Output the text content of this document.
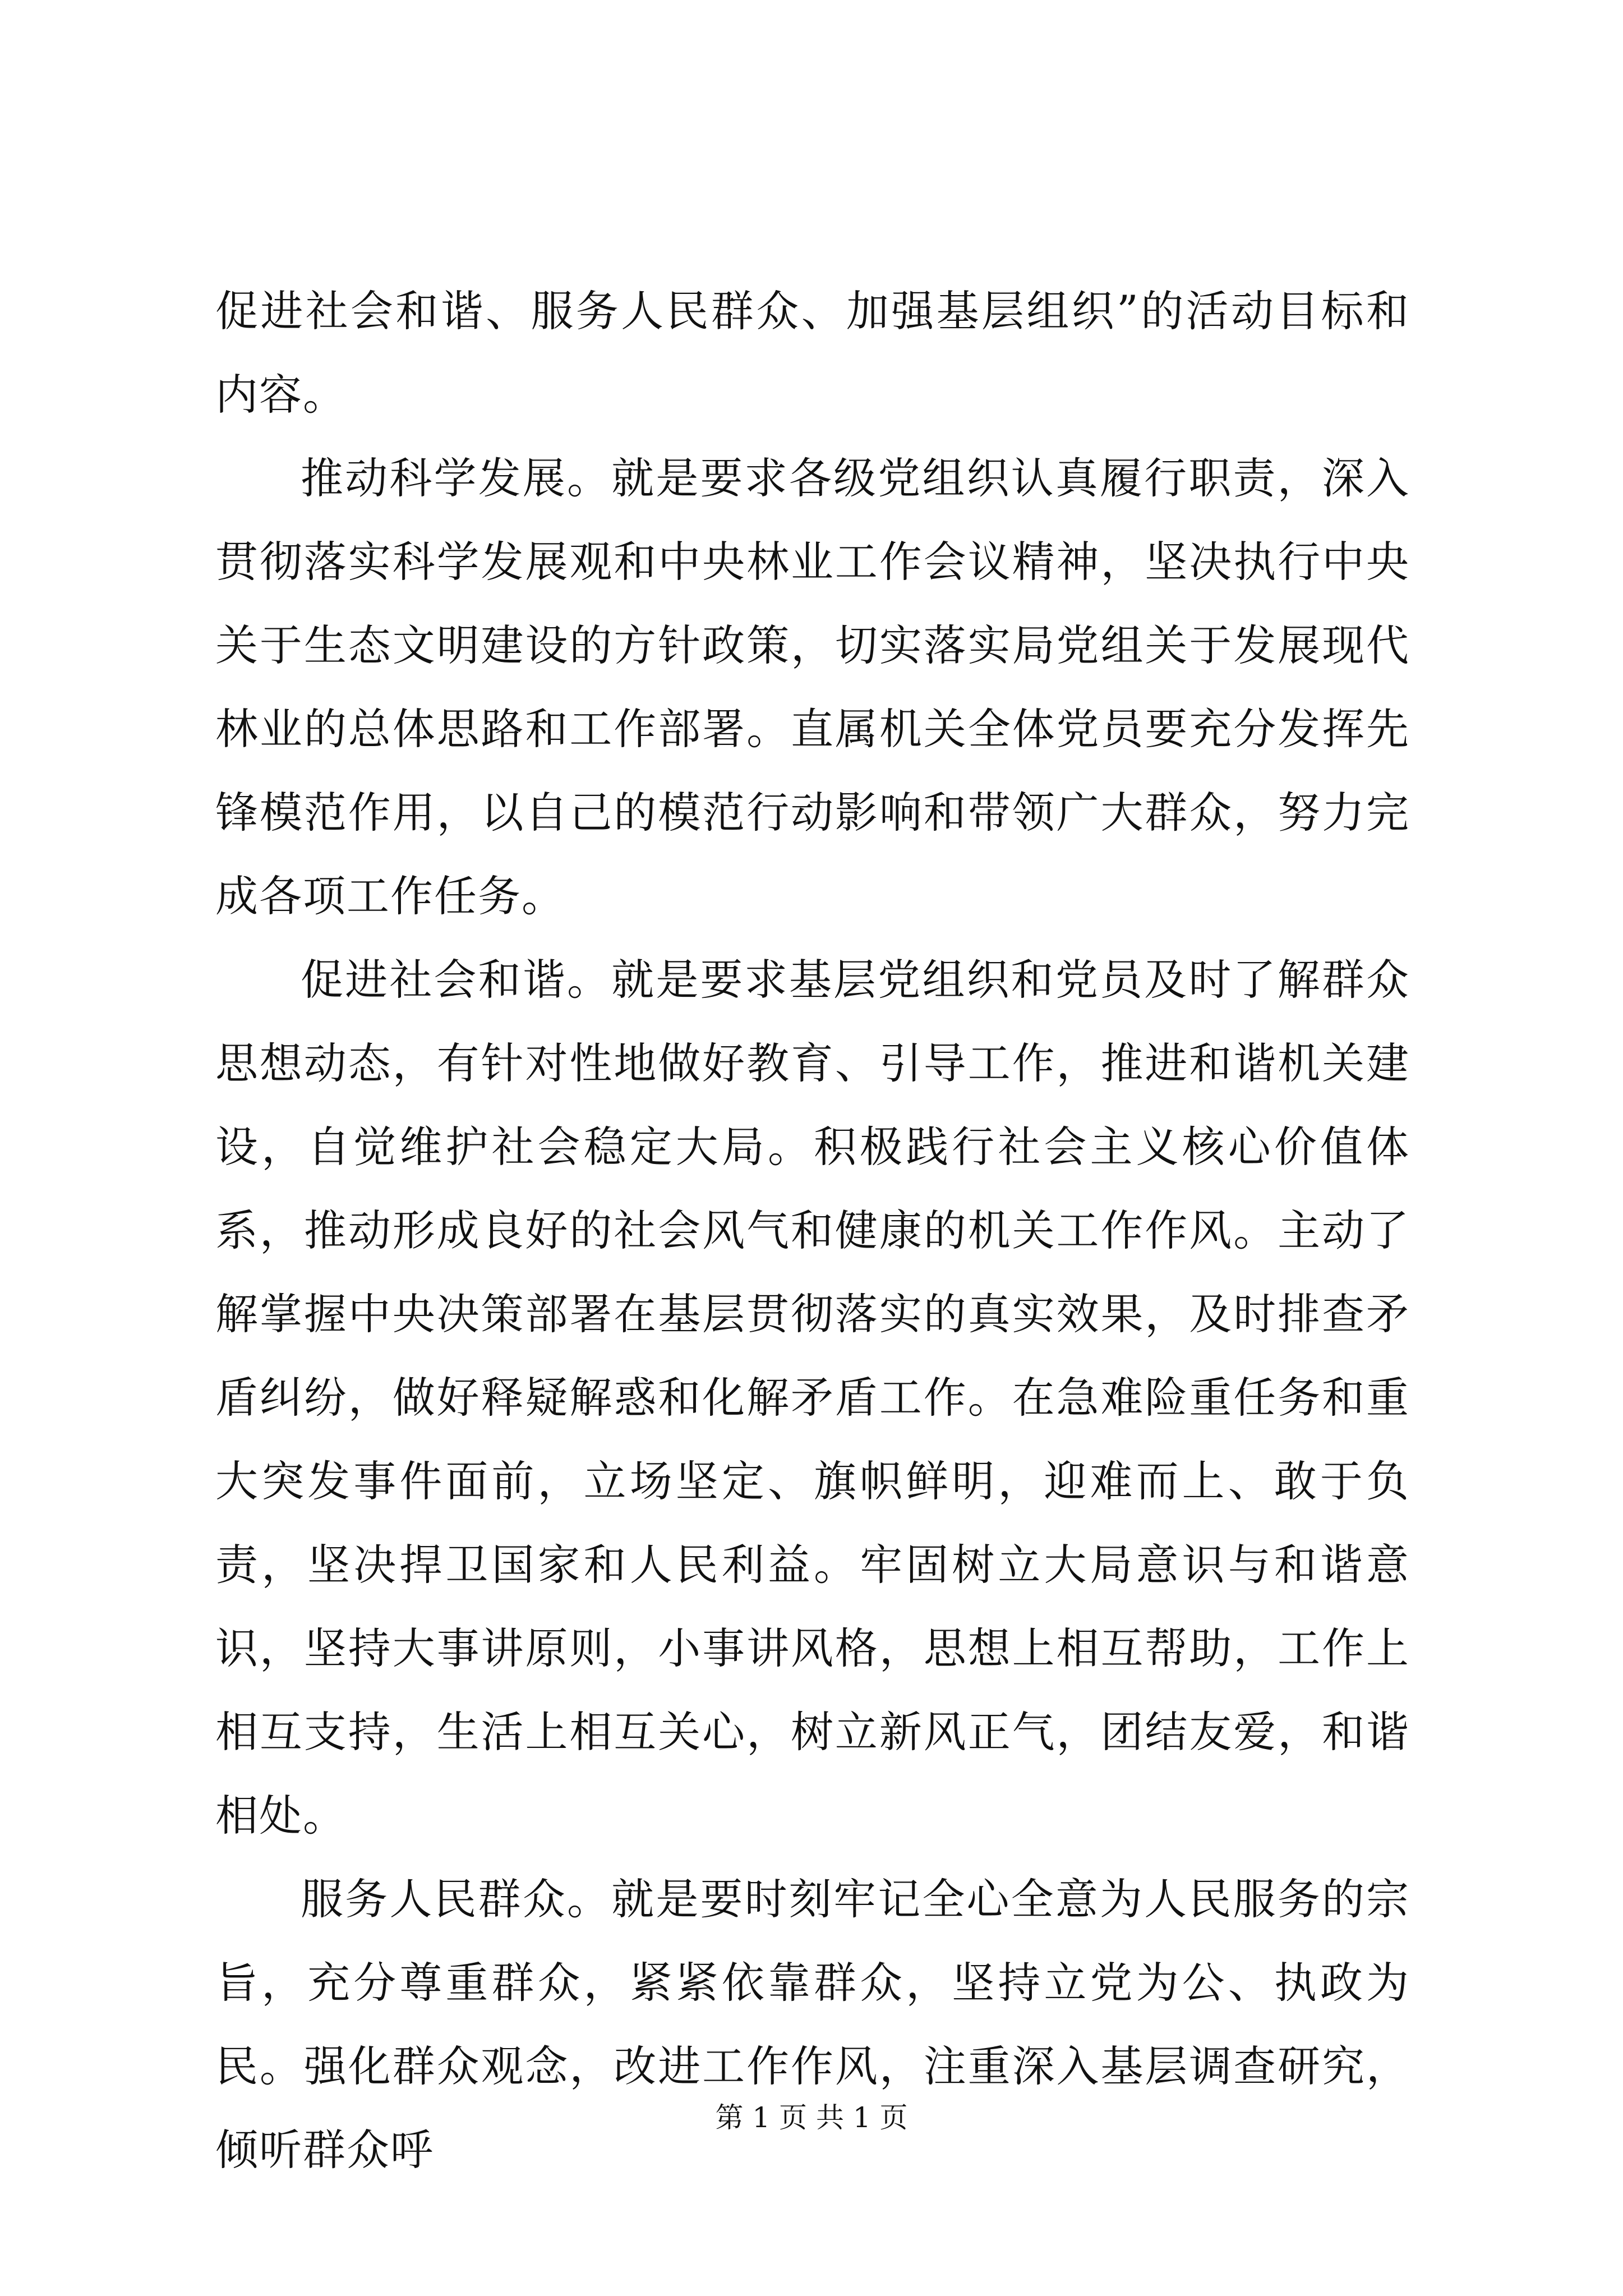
促进社会和谐、服务人民群众、加强基层组织”的活动目标和内容。

推动科学发展。就是要求各级党组织认真履行职责，深入贯彻落实科学发展观和中央林业工作会议精神，坚决执行中央关于生态文明建设的方针政策，切实落实局党组关于发展现代林业的总体思路和工作部署。直属机关全体党员要充分发挥先锋模范作用，以自己的模范行动影响和带领广大群众，努力完成各项工作任务。

促进社会和谐。就是要求基层党组织和党员及时了解群众思想动态，有针对性地做好教育、引导工作，推进和谐机关建设，自觉维护社会稳定大局。积极践行社会主义核心价值体系，推动形成良好的社会风气和健康的机关工作作风。主动了解掌握中央决策部署在基层贯彻落实的真实效果，及时排查矛盾纠纷，做好释疑解惑和化解矛盾工作。在急难险重任务和重大突发事件面前，立场坚定、旗帜鲜明，迎难而上、敢于负责，坚决捍卫国家和人民利益。牢固树立大局意识与和谐意识，坚持大事讲原则，小事讲风格，思想上相互帮助，工作上相互支持，生活上相互关心，树立新风正气，团结友爱，和谐相处。

服务人民群众。就是要时刻牢记全心全意为人民服务的宗旨，充分尊重群众，紧紧依靠群众，坚持立党为公、执政为民。强化群众观念，改进工作作风，注重深入基层调查研究，倾听群众呼

第 1 页 共 1 页
